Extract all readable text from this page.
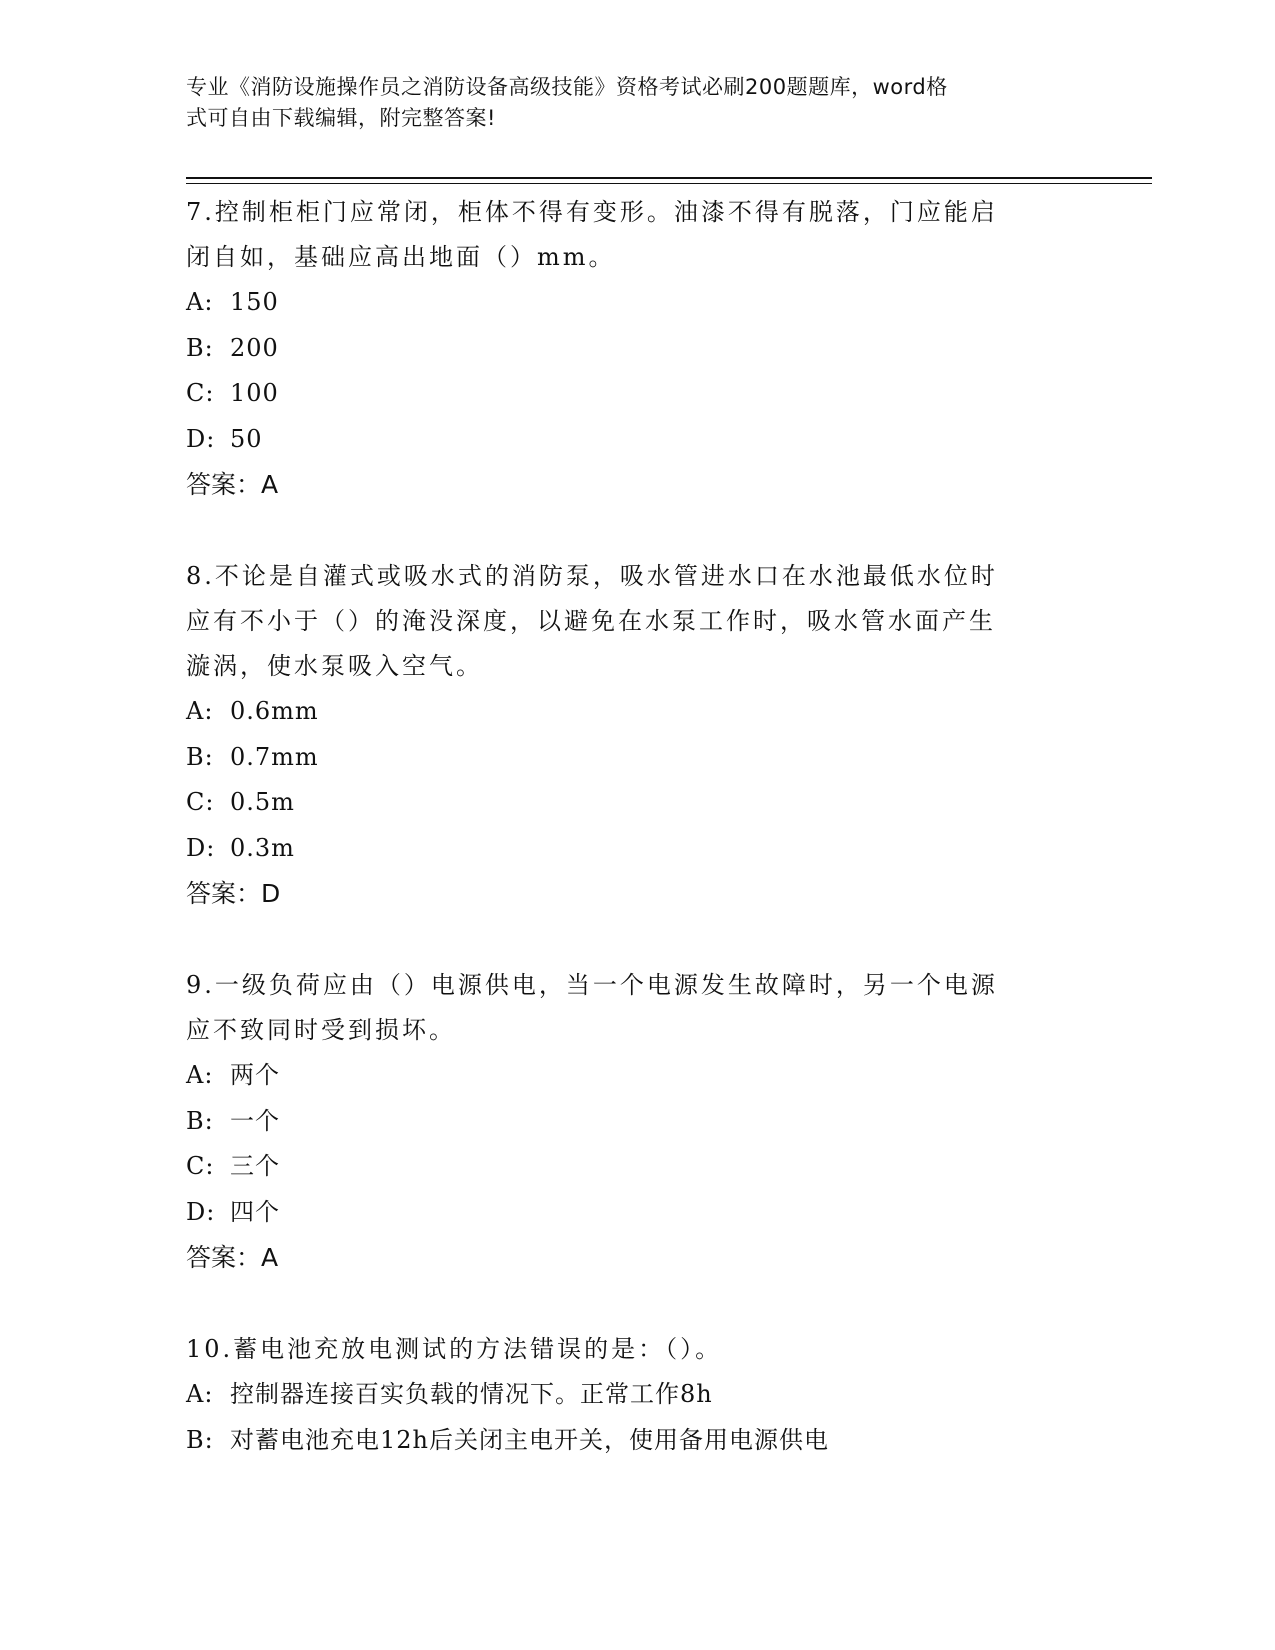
专业《消防设施操作员之消防设备高级技能》资格考试必刷200题题库，word格
式可自由下载编辑，附完整答案!
7.控制柜柜门应常闭，柜体不得有变形。油漆不得有脱落，门应能启
闭自如，基础应高出地面（）mm。
A: 150
B: 200
C: 100
D: 50
答案：A
8.不论是自灌式或吸水式的消防泵，吸水管进水口在水池最低水位时
应有不小于（）的淹没深度，以避免在水泵工作时，吸水管水面产生
漩涡，使水泵吸入空气。
A: 0.6mm
B: 0.7mm
C: 0.5m
D: 0.3m
答案：D
9.一级负荷应由（）电源供电，当一个电源发生故障时，另一个电源
应不致同时受到损坏。
A: 两个
B: 一个
C: 三个
D: 四个
答案：A
10.蓄电池充放电测试的方法错误的是：（）。
A: 控制器连接百实负载的情况下。正常工作8h
B: 对蓄电池充电12h后关闭主电开关，使用备用电源供电
